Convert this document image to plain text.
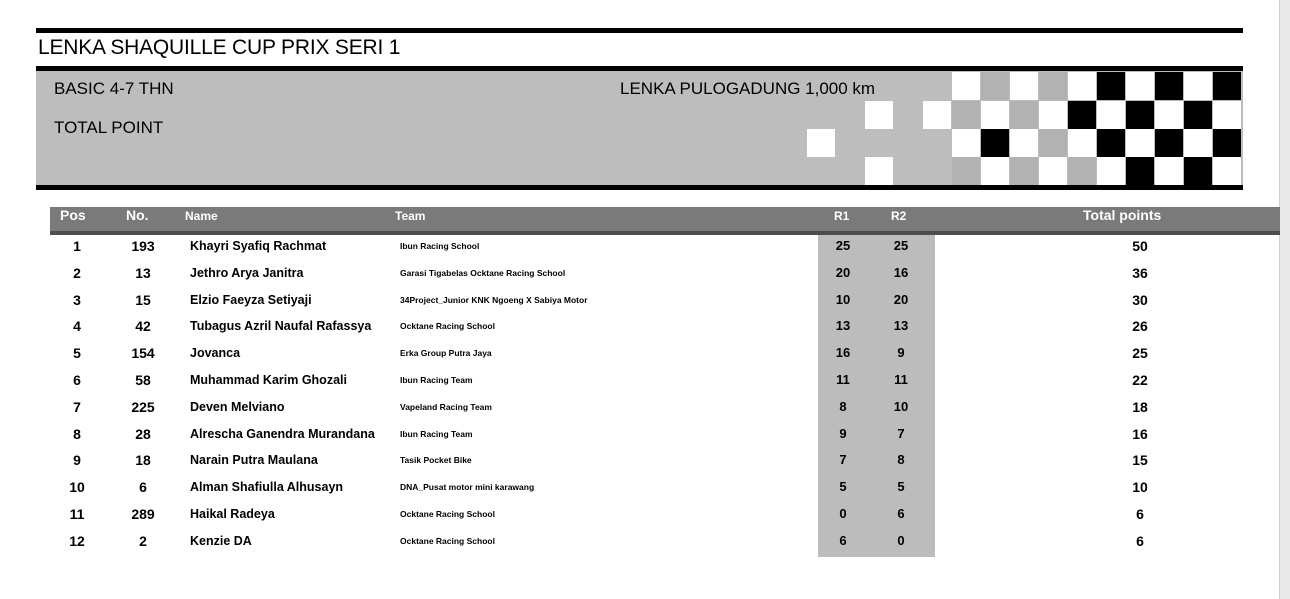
LENKA SHAQUILLE CUP PRIX SERI 1
BASIC 4-7 THN
TOTAL POINT
LENKA PULOGADUNG 1,000 km
Pos	No.	Name	Team	R1	R2	Total points
1	193	Khayri Syafiq Rachmat	Ibun Racing School	25	25	50
2	13	Jethro Arya Janitra	Garasi Tigabelas Ocktane Racing School	20	16	36
3	15	Elzio Faeyza Setiyaji	34Project_Junior KNK Ngoeng X Sabiya Motor	10	20	30
4	42	Tubagus Azril Naufal Rafassya	Ocktane Racing School	13	13	26
5	154	Jovanca	Erka Group Putra Jaya	16	9	25
6	58	Muhammad Karim Ghozali	Ibun Racing Team	11	11	22
7	225	Deven Melviano	Vapeland Racing Team	8	10	18
8	28	Alrescha Ganendra Murandana	Ibun Racing Team	9	7	16
9	18	Narain Putra Maulana	Tasik Pocket Bike	7	8	15
10	6	Alman Shafiulla Alhusayn	DNA_Pusat motor mini karawang	5	5	10
11	289	Haikal Radeya	Ocktane Racing School	0	6	6
12	2	Kenzie DA	Ocktane Racing School	6	0	6
